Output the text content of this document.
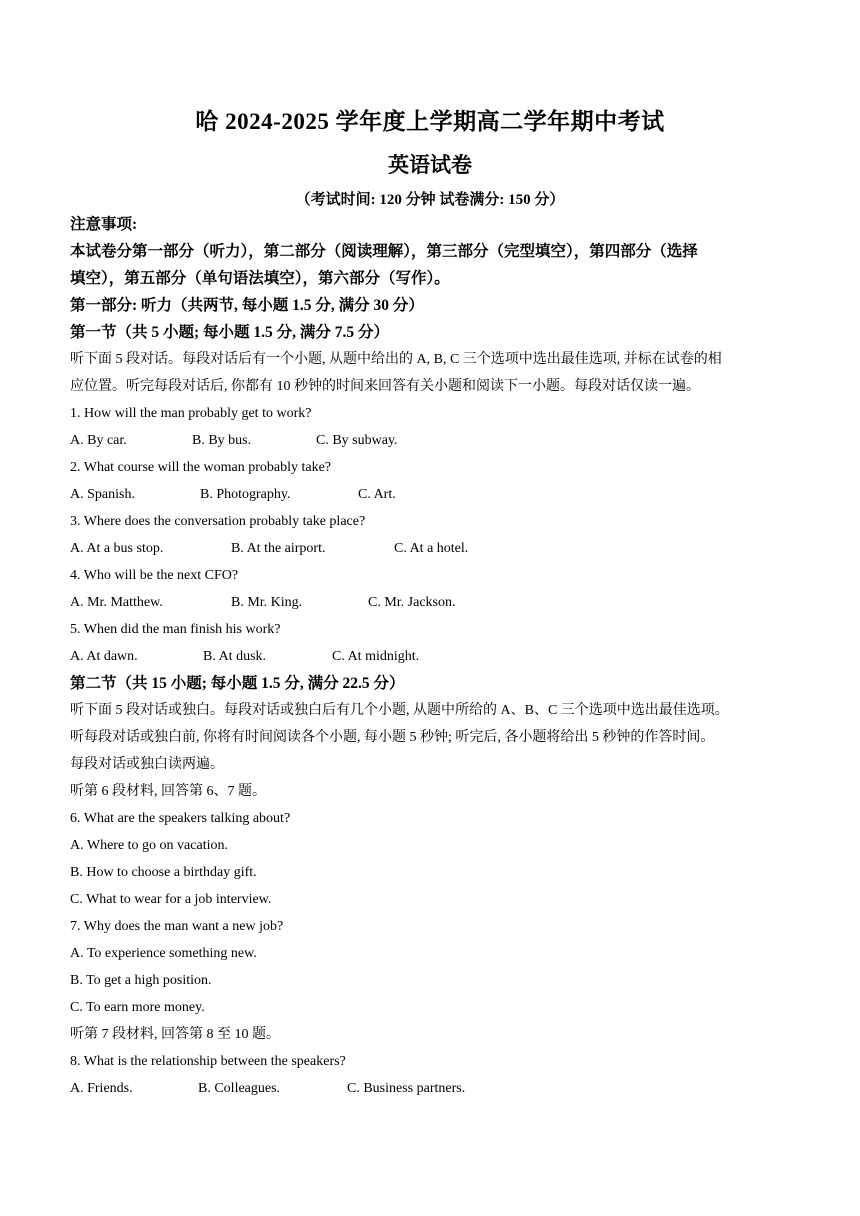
哈 2024-2025 学年度上学期高二学年期中考试
英语试卷
（考试时间: 120 分钟 试卷满分: 150 分）
注意事项:
本试卷分第一部分（听力），第二部分（阅读理解），第三部分（完型填空），第四部分（选择
填空），第五部分（单句语法填空），第六部分（写作）。
第一部分: 听力（共两节, 每小题 1.5 分, 满分 30 分）
第一节（共 5 小题; 每小题 1.5 分, 满分 7.5 分）
听下面 5 段对话。每段对话后有一个小题, 从题中给出的 A, B, C 三个选项中选出最佳选项, 并标在试卷的相
应位置。听完每段对话后, 你都有 10 秒钟的时间来回答有关小题和阅读下一小题。每段对话仅读一遍。
1. How will the man probably get to work?
A. By car.	B. By bus.	C. By subway.
2. What course will the woman probably take?
A. Spanish.	B. Photography.	C. Art.
3. Where does the conversation probably take place?
A. At a bus stop.	B. At the airport.	C. At a hotel.
4. Who will be the next CFO?
A. Mr. Matthew.	B. Mr. King.	C. Mr. Jackson.
5. When did the man finish his work?
A. At dawn.	B. At dusk.	C. At midnight.
第二节（共 15 小题; 每小题 1.5 分, 满分 22.5 分）
听下面 5 段对话或独白。每段对话或独白后有几个小题, 从题中所给的 A、B、C 三个选项中选出最佳选项。
听每段对话或独白前, 你将有时间阅读各个小题, 每小题 5 秒钟; 听完后, 各小题将给出 5 秒钟的作答时间。
每段对话或独白读两遍。
听第 6 段材料, 回答第 6、7 题。
6. What are the speakers talking about?
A. Where to go on vacation.
B. How to choose a birthday gift.
C. What to wear for a job interview.
7. Why does the man want a new job?
A. To experience something new.
B. To get a high position.
C. To earn more money.
听第 7 段材料, 回答第 8 至 10 题。
8. What is the relationship between the speakers?
A. Friends.	B. Colleagues.	C. Business partners.
